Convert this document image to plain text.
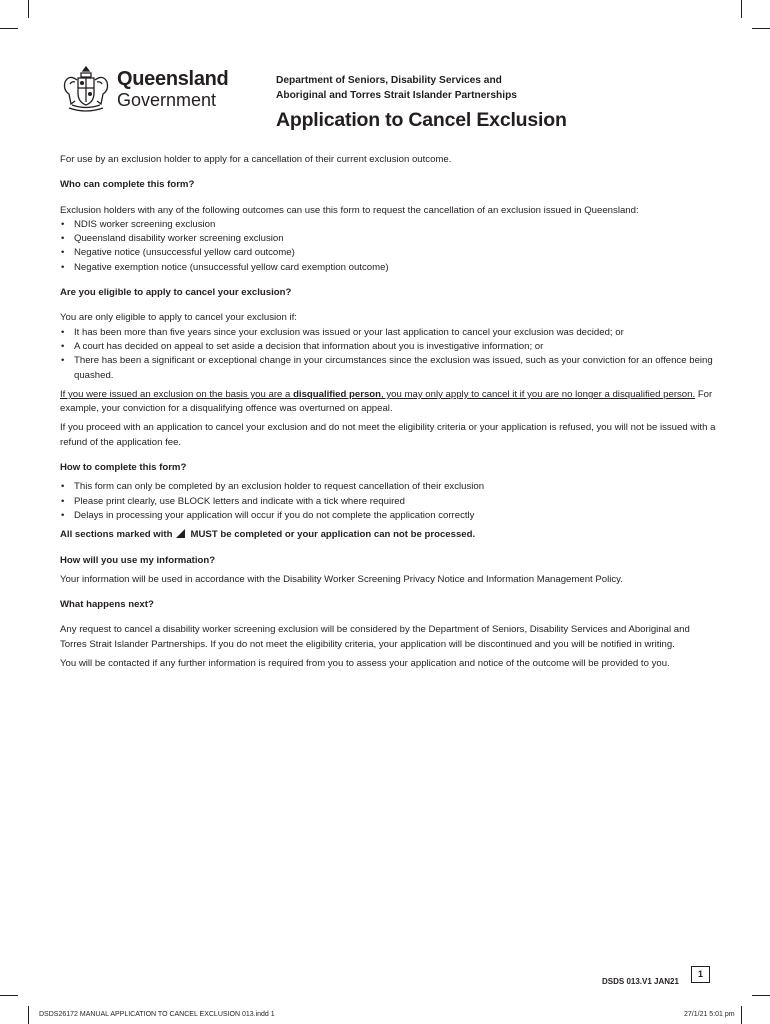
Queensland
Government
Department of Seniors, Disability Services and
Aboriginal and Torres Strait Islander Partnerships
Application to Cancel Exclusion

For use by an exclusion holder to apply for a cancellation of their current exclusion outcome.

Who can complete this form?

Exclusion holders with any of the following outcomes can use this form to request the cancellation of an exclusion issued in Queensland:

• NDIS worker screening exclusion
• Queensland disability worker screening exclusion
• Negative notice (unsuccessful yellow card outcome)
• Negative exemption notice (unsuccessful yellow card exemption outcome)
Are you eligible to apply to cancel your exclusion?

You are only eligible to apply to cancel your exclusion if:

• It has been more than five years since your exclusion was issued or your last application to cancel your exclusion was decided; or
• A court has decided on appeal to set aside a decision that information about you is investigative information; or
• There has been a significant or exceptional change in your circumstances since the exclusion was issued, such as your conviction for an offence being quashed.

If you were issued an exclusion on the basis you are a disqualified person, you may only apply to cancel it if you are no longer a disqualified person. For example, your conviction for a disqualifying offence was overturned on appeal.

If you proceed with an application to cancel your exclusion and do not meet the eligibility criteria or your application is refused, you will not be issued with a refund of the application fee.

How to complete this form?
• This form can only be completed by an exclusion holder to request cancellation of their exclusion
• Please print clearly, use BLOCK letters and indicate with a tick where required
• Delays in processing your application will occur if you do not complete the application correctly

All sections marked with MUST be completed or your application can not be processed.

How will you use my information?

Your information will be used in accordance with the Disability Worker Screening Privacy Notice and Information Management Policy.

What happens next?

Any request to cancel a disability worker screening exclusion will be considered by the Department of Seniors, Disability Services and Aboriginal and Torres Strait Islander Partnerships. If you do not meet the eligibility criteria, your application will be discontinued and you will be notified in writing.

You will be contacted if any further information is required from you to assess your application and notice of the outcome will be provided to you.

DSDS 013.V1 JAN21
1
DSDS26172 MANUAL APPLICATION TO CANCEL EXCLUSION 013.indd 1	27/1/21 5:01 pm
